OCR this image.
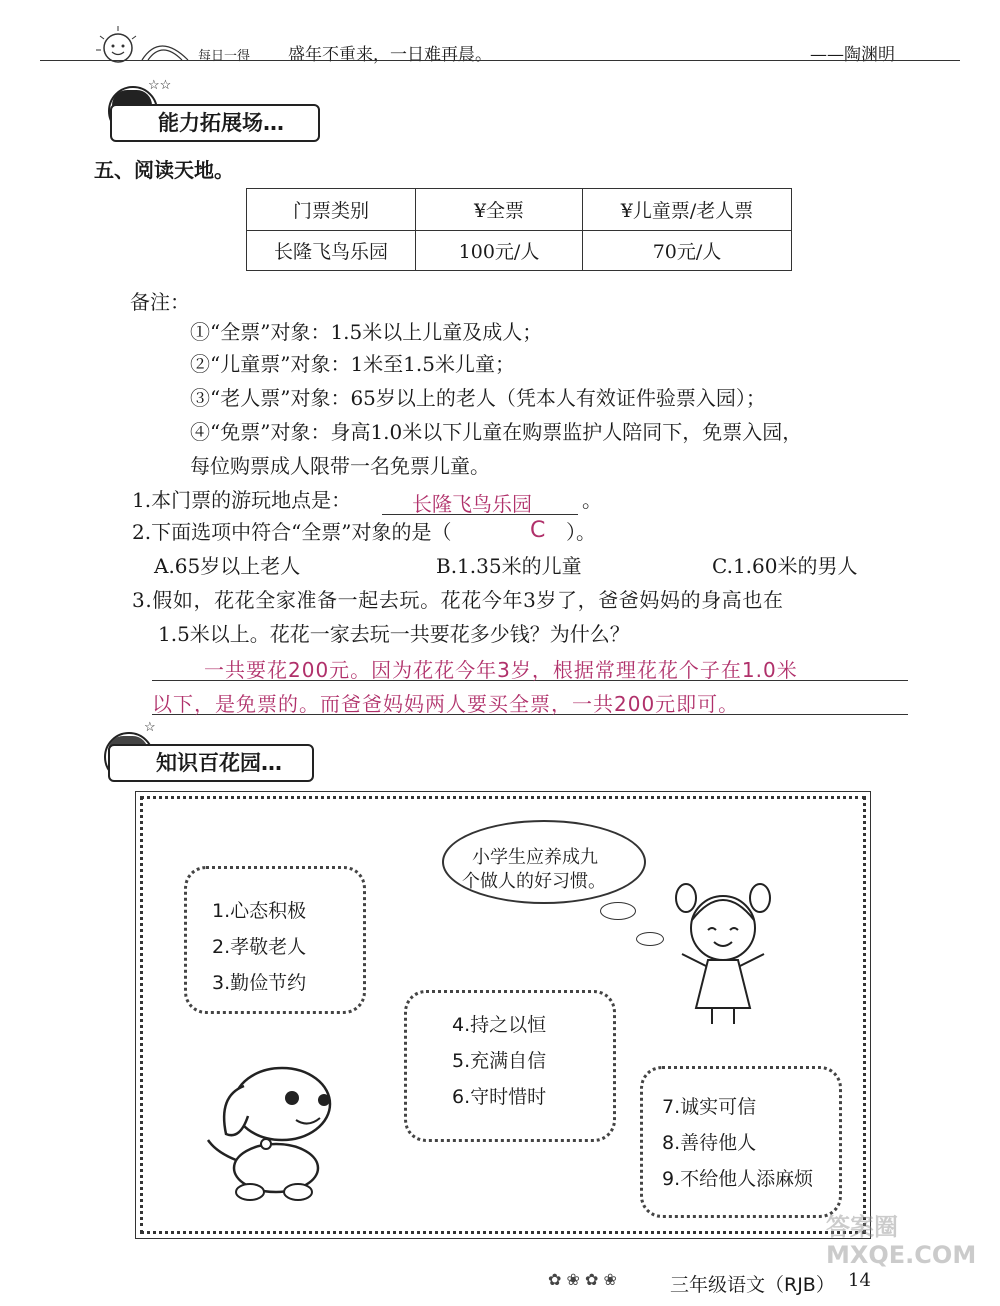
每日一得 盛年不重来，一日难再晨。	——陶渊明
☆☆
能力拓展场…
五、阅读天地。
门票类别	¥全票	¥儿童票/老人票
长隆飞鸟乐园	100元/人	70元/人
备注：
①“全票”对象：1.5米以上儿童及成人；
②“儿童票”对象：1米至1.5米儿童；
③“老人票”对象：65岁以上的老人（凭本人有效证件验票入园）；
④“免票”对象：身高1.0米以下儿童在购票监护人陪同下，免票入园，
每位购票成人限带一名免票儿童。
1.本门票的游玩地点是：	长隆飞鸟乐园	。
2.下面选项中符合“全票”对象的是（	C ）。
A.65岁以上老人	B.1.35米的儿童	C.1.60米的男人
3.假如，花花全家准备一起去玩。花花今年3岁了，爸爸妈妈的身高也在
1.5米以上。花花一家去玩一共要花多少钱？为什么？
一共要花200元。因为花花今年3岁，根据常理花花个子在1.0米
以下，是免票的。而爸爸妈妈两人要买全票，一共200元即可。
☆
知识百花园…
小学生应养成九
个做人的好习惯。
1.心态积极
2.孝敬老人
3.勤俭节约
4.持之以恒
5.充满自信
6.守时惜时	7.诚实可信
8.善待他人
9.不给他人添麻烦
✿ ❀ ✿ ❀	三年级语文（RJB） 14
答案圈 MXQE.COM
